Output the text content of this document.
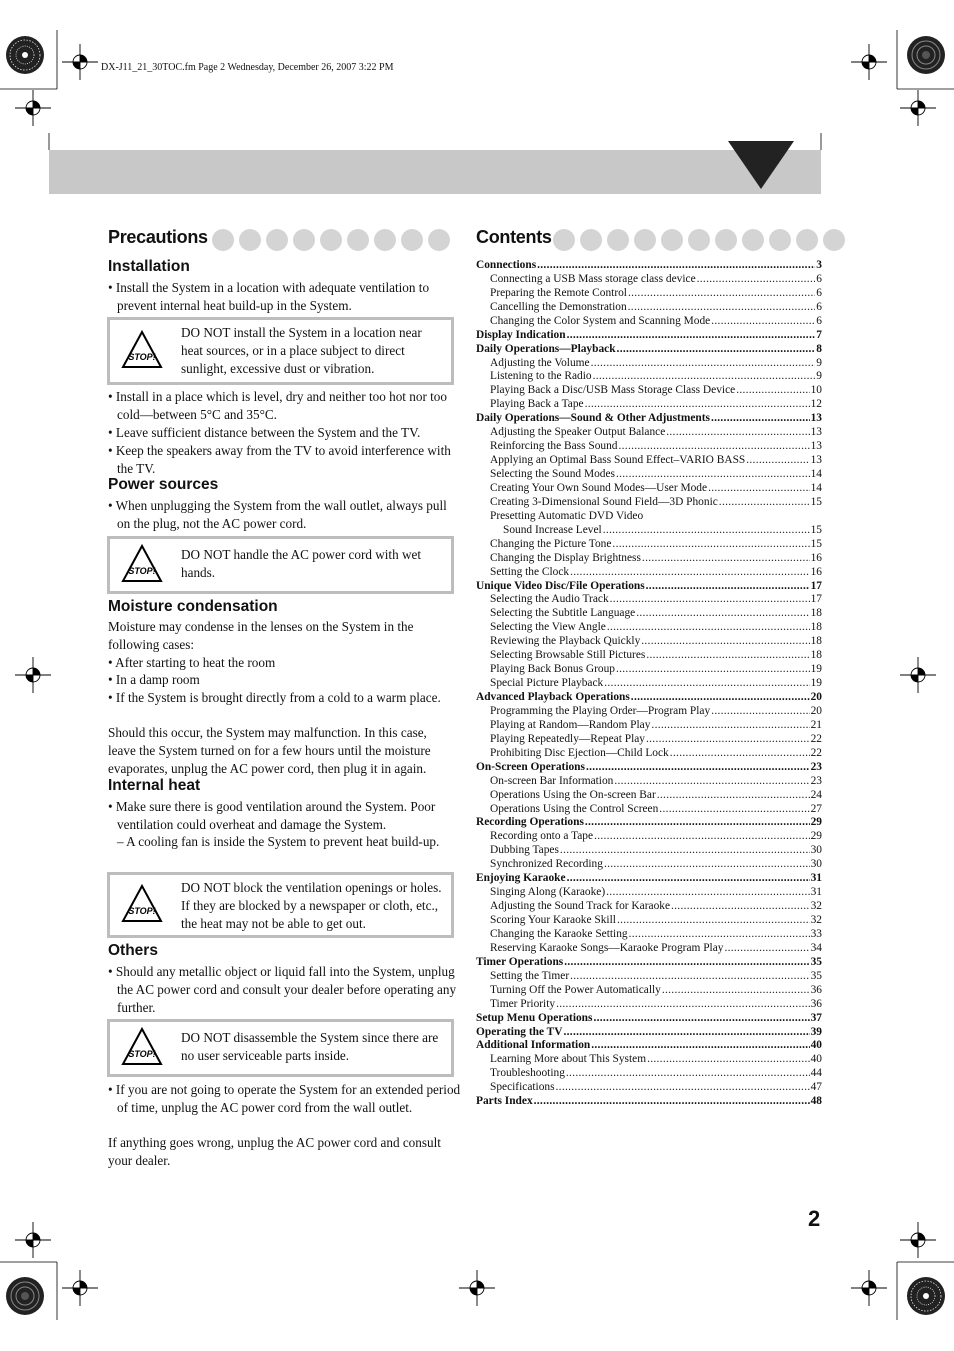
DX-J11_21_30TOC.fm Page 2 Wednesday, December 26, 2007 3:22 PM
Precautions
Installation
• Install the System in a location with adequate ventilation to prevent internal heat build-up in the System.
STOP!
DO NOT install the System in a location near heat sources, or in a place subject to direct sunlight, excessive dust or vibration.
• Install in a place which is level, dry and neither too hot nor too cold—between 5°C and 35°C.
• Leave sufficient distance between the System and the TV.
• Keep the speakers away from the TV to avoid interference with the TV.
Power sources
• When unplugging the System from the wall outlet, always pull on the plug, not the AC power cord.
STOP!
DO NOT handle the AC power cord with wet hands.
Moisture condensation
Moisture may condense in the lenses on the System in the following cases:
• After starting to heat the room
• In a damp room
• If the System is brought directly from a cold to a warm place.
Should this occur, the System may malfunction. In this case, leave the System turned on for a few hours until the moisture evaporates, unplug the AC power cord, then plug it in again.
Internal heat
• Make sure there is good ventilation around the System. Poor ventilation could overheat and damage the System.
– A cooling fan is inside the System to prevent heat build-up.
STOP!
DO NOT block the ventilation openings or holes. If they are blocked by a newspaper or cloth, etc., the heat may not be able to get out.
Others
• Should any metallic object or liquid fall into the System, unplug the AC power cord and consult your dealer before operating any further.
STOP!
DO NOT disassemble the System since there are no user serviceable parts inside.
• If you are not going to operate the System for an extended period of time, unplug the AC power cord from the wall outlet.
If anything goes wrong, unplug the AC power cord and consult your dealer.
Contents
Connections .....	3
Connecting a USB Mass storage class device .....	6
Preparing the Remote Control .....	6
Cancelling the Demonstration .....	6
Changing the Color System and Scanning Mode .....	6
Display Indication .....	7
Daily Operations—Playback .....	8
Adjusting the Volume .....	9
Listening to the Radio .....	9
Playing Back a Disc/USB Mass Storage Class Device .....	10
Playing Back a Tape .....	12
Daily Operations—Sound & Other Adjustments .....	13
Adjusting the Speaker Output Balance .....	13
Reinforcing the Bass Sound .....	13
Applying an Optimal Bass Sound Effect–VARIO BASS .....	13
Selecting the Sound Modes .....	14
Creating Your Own Sound Modes—User Mode .....	14
Creating 3-Dimensional Sound Field—3D Phonic .....	15
Presetting Automatic DVD Video
Sound Increase Level .....	15
Changing the Picture Tone .....	15
Changing the Display Brightness .....	16
Setting the Clock .....	16
Unique Video Disc/File Operations .....	17
Selecting the Audio Track .....	17
Selecting the Subtitle Language .....	18
Selecting the View Angle .....	18
Reviewing the Playback Quickly .....	18
Selecting Browsable Still Pictures .....	18
Playing Back Bonus Group .....	19
Special Picture Playback .....	19
Advanced Playback Operations .....	20
Programming the Playing Order—Program Play .....	20
Playing at Random—Random Play .....	21
Playing Repeatedly—Repeat Play .....	22
Prohibiting Disc Ejection—Child Lock .....	22
On-Screen Operations .....	23
On-screen Bar Information .....	23
Operations Using the On-screen Bar .....	24
Operations Using the Control Screen .....	27
Recording Operations .....	29
Recording onto a Tape .....	29
Dubbing Tapes .....	30
Synchronized Recording .....	30
Enjoying Karaoke .....	31
Singing Along (Karaoke) .....	31
Adjusting the Sound Track for Karaoke .....	32
Scoring Your Karaoke Skill .....	32
Changing the Karaoke Setting .....	33
Reserving Karaoke Songs—Karaoke Program Play .....	34
Timer Operations .....	35
Setting the Timer .....	35
Turning Off the Power Automatically .....	36
Timer Priority .....	36
Setup Menu Operations .....	37
Operating the TV .....	39
Additional Information .....	40
Learning More about This System .....	40
Troubleshooting .....	44
Specifications .....	47
Parts Index .....	48
2
